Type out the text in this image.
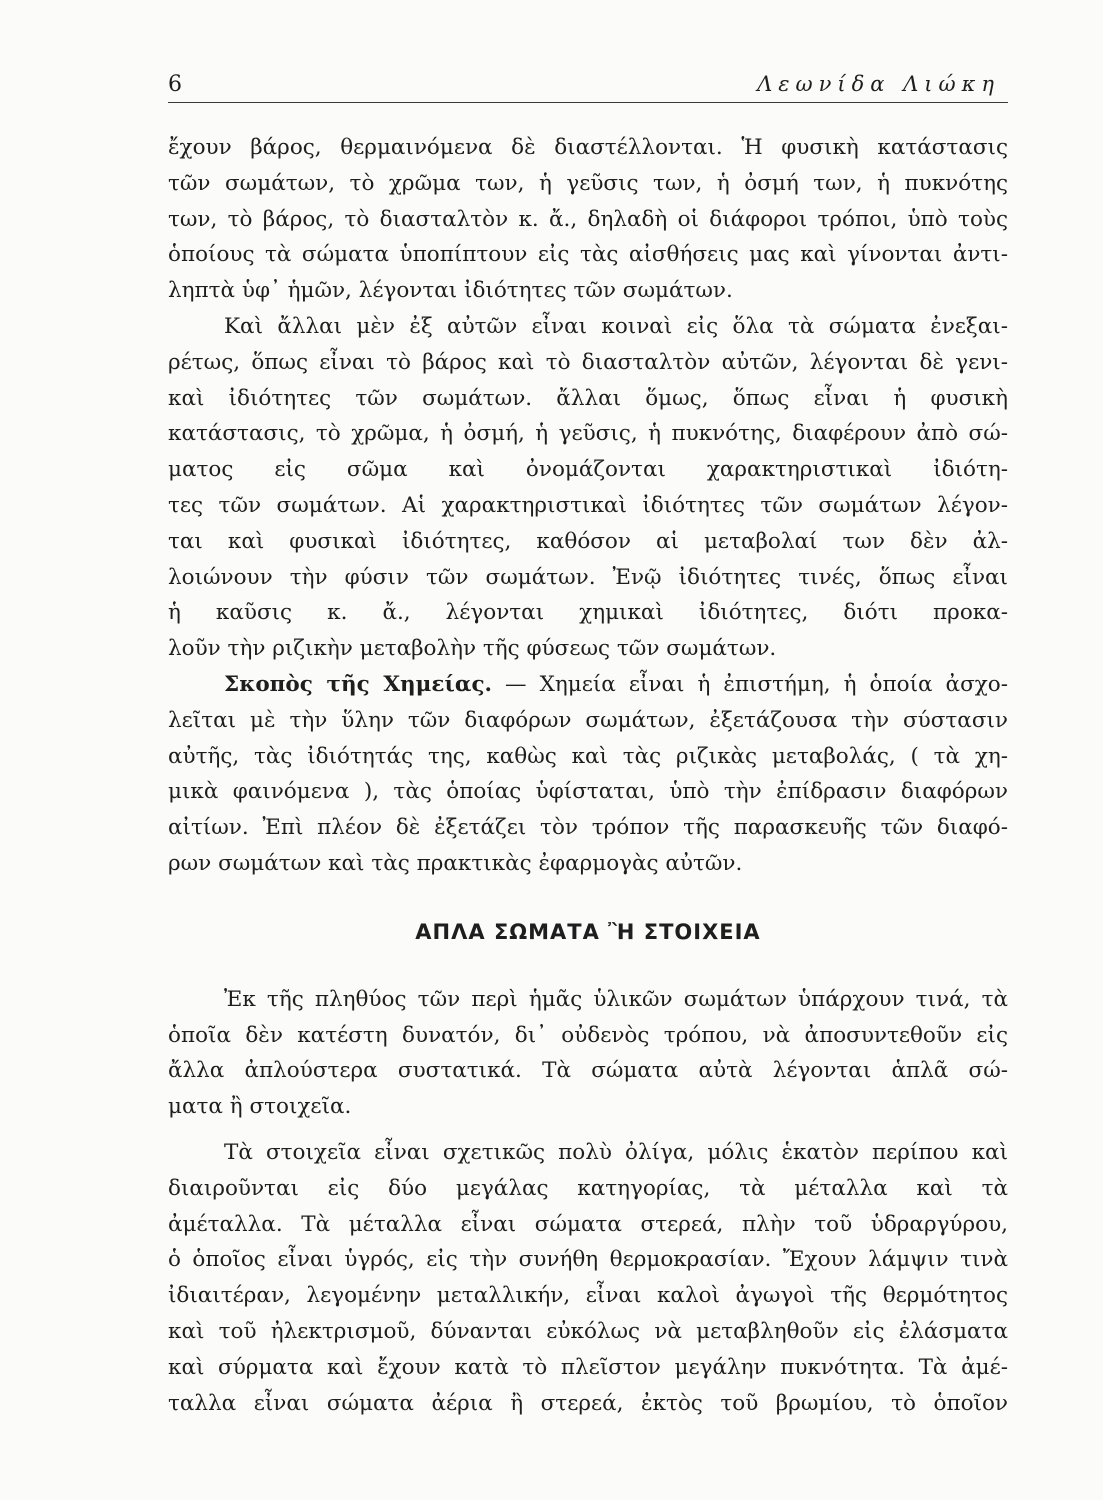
6	Λεωνίδα Λιώκη
ἔχουν βάρος, θερμαινόμενα δὲ διαστέλλονται. Ἡ φυσικὴ κατάστασις
τῶν σωμάτων, τὸ χρῶμα των, ἡ γεῦσις των, ἡ ὀσμή των, ἡ πυκνότης
των, τὸ βάρος, τὸ διασταλτὸν κ. ἄ., δηλαδὴ οἱ διάφοροι τρόποι, ὑπὸ τοὺς
ὁποίους τὰ σώματα ὑποπίπτουν εἰς τὰς αἰσθήσεις μας καὶ γίνονται ἀντι-
ληπτὰ ὑφ᾽ ἡμῶν, λέγονται ἰδιότητες τῶν σωμάτων.
Καὶ ἄλλαι μὲν ἐξ αὐτῶν εἶναι κοιναὶ εἰς ὅλα τὰ σώματα ἐνεξαι-
ρέτως, ὅπως εἶναι τὸ βάρος καὶ τὸ διασταλτὸν αὐτῶν, λέγονται δὲ γενι-
καὶ ἰδιότητες τῶν σωμάτων. ἄλλαι ὅμως, ὅπως εἶναι ἡ φυσικὴ
κατάστασις, τὸ χρῶμα, ἡ ὀσμή, ἡ γεῦσις, ἡ πυκνότης, διαφέρουν ἀπὸ σώ-
ματος εἰς σῶμα καὶ ὀνομάζονται χαρακτηριστικαὶ ἰδιότη-
τες τῶν σωμάτων. Αἱ χαρακτηριστικαὶ ἰδιότητες τῶν σωμάτων λέγον-
ται καὶ φυσικαὶ ἰδιότητες, καθόσον αἱ μεταβολαί των δὲν ἀλ-
λοιώνουν τὴν φύσιν τῶν σωμάτων. Ἐνῷ ἰδιότητες τινές, ὅπως εἶναι
ἡ καῦσις κ. ἄ., λέγονται χημικαὶ ἰδιότητες, διότι προκα-
λοῦν τὴν ριζικὴν μεταβολὴν τῆς φύσεως τῶν σωμάτων.
Σκοπὸς τῆς Χημείας. — Χημεία εἶναι ἡ ἐπιστήμη, ἡ ὁποία ἀσχο-
λεῖται μὲ τὴν ὕλην τῶν διαφόρων σωμάτων, ἐξετάζουσα τὴν σύστασιν
αὐτῆς, τὰς ἰδιότητάς της, καθὼς καὶ τὰς ριζικὰς μεταβολάς, ( τὰ χη-
μικὰ φαινόμενα ), τὰς ὁποίας ὑφίσταται, ὑπὸ τὴν ἐπίδρασιν διαφόρων
αἰτίων. Ἐπὶ πλέον δὲ ἐξετάζει τὸν τρόπον τῆς παρασκευῆς τῶν διαφό-
ρων σωμάτων καὶ τὰς πρακτικὰς ἐφαρμογὰς αὐτῶν.
ΑΠΛΑ ΣΩΜΑΤΑ Ἢ ΣΤΟΙΧΕΙΑ
Ἐκ τῆς πληθύος τῶν περὶ ἡμᾶς ὑλικῶν σωμάτων ὑπάρχουν τινά, τὰ
ὁποῖα δὲν κατέστη δυνατόν, δι᾽ οὐδενὸς τρόπου, νὰ ἀποσυντεθοῦν εἰς
ἄλλα ἀπλούστερα συστατικά. Τὰ σώματα αὐτὰ λέγονται ἁπλᾶ σώ-
ματα ἢ στοιχεῖα.
Τὰ στοιχεῖα εἶναι σχετικῶς πολὺ ὀλίγα, μόλις ἑκατὸν περίπου καὶ
διαιροῦνται εἰς δύο μεγάλας κατηγορίας, τὰ μέταλλα καὶ τὰ
ἀμέταλλα. Τὰ μέταλλα εἶναι σώματα στερεά, πλὴν τοῦ ὑδραργύρου,
ὁ ὁποῖος εἶναι ὑγρός, εἰς τὴν συνήθη θερμοκρασίαν. Ἔχουν λάμψιν τινὰ
ἰδιαιτέραν, λεγομένην μεταλλικήν, εἶναι καλοὶ ἀγωγοὶ τῆς θερμότητος
καὶ τοῦ ἠλεκτρισμοῦ, δύνανται εὐκόλως νὰ μεταβληθοῦν εἰς ἐλάσματα
καὶ σύρματα καὶ ἔχουν κατὰ τὸ πλεῖστον μεγάλην πυκνότητα. Τὰ ἀμέ-
ταλλα εἶναι σώματα ἀέρια ἢ στερεά, ἐκτὸς τοῦ βρωμίου, τὸ ὁποῖον
